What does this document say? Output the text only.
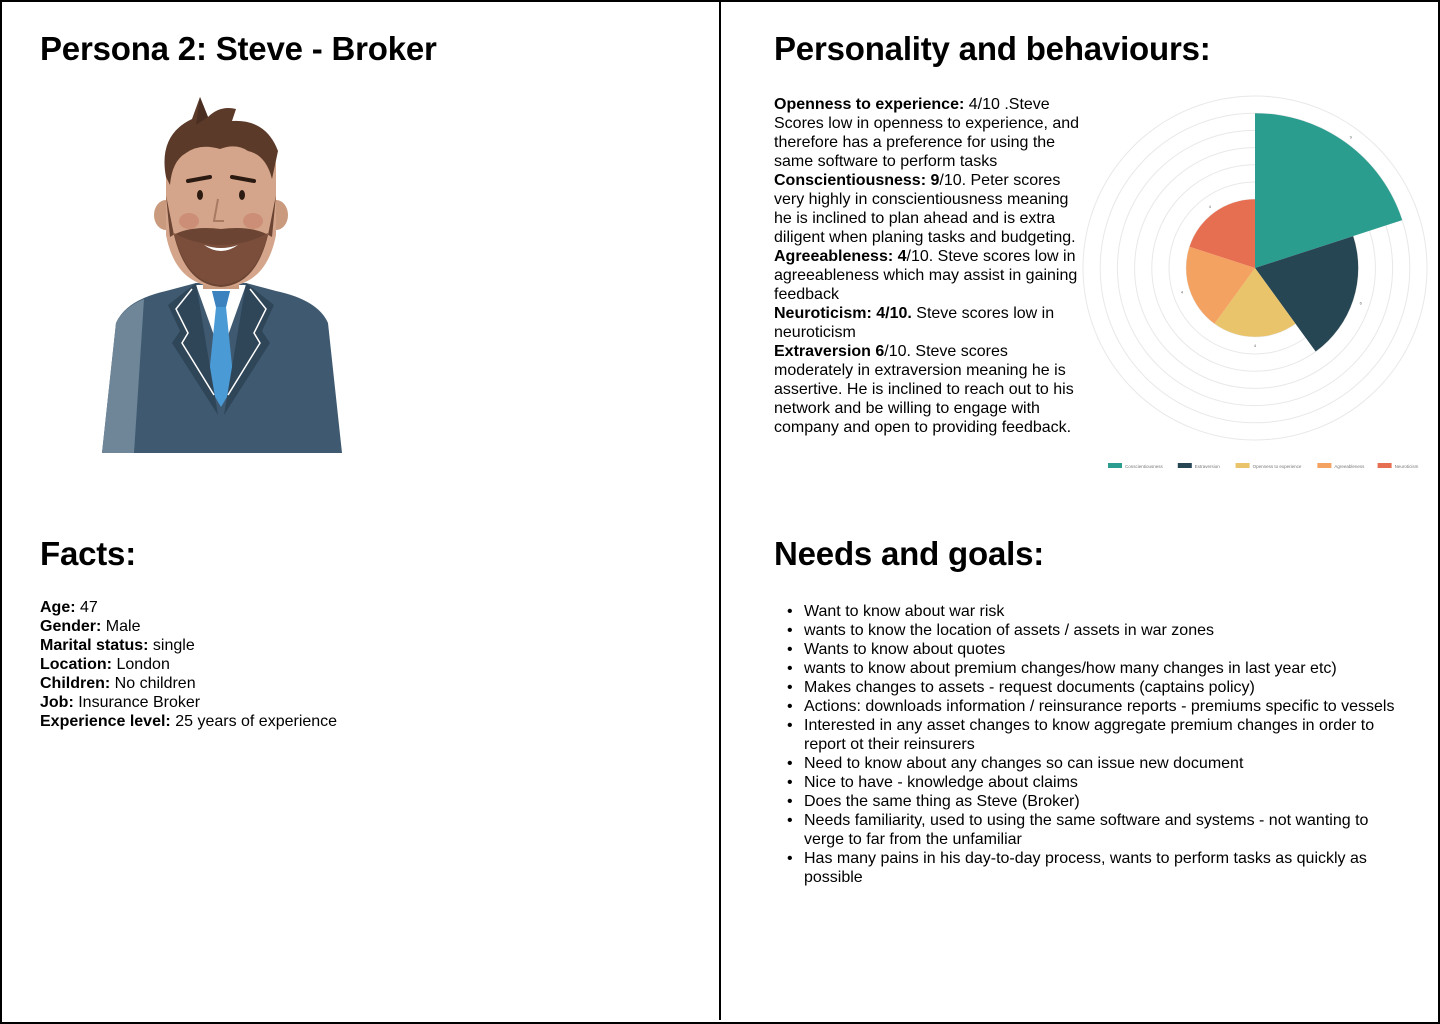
Persona 2: Steve - Broker
Facts:
Age: 47
Gender: Male
Marital status: single
Location: London
Children: No children
Job: Insurance Broker
Experience level: 25 years of experience
Personality and behaviours:
Openness to experience: 4/10 .Steve Scores low in openness to experience, and therefore has a preference for using the same software to perform tasks
Conscientiousness: 9/10. Peter scores very highly in conscientiousness meaning he is inclined to plan ahead and is extra diligent when planing tasks and budgeting.
Agreeableness: 4/10. Steve scores low in agreeableness which may assist in gaining feedback
Neuroticism: 4/10. Steve scores low in neuroticism
Extraversion 6/10. Steve scores moderately in extraversion meaning he is assertive. He is inclined to reach out to his network and be willing to engage with company and open to providing feedback.
9
6
4
4
4
Conscientiousness	Extraversion	Openness to experience	Agreeableness	Neuroticism
Needs and goals:
• Want to know about war risk
• wants to know the location of assets / assets in war zones
• Wants to know about quotes
• wants to know about premium changes/how many changes in last year etc)
• Makes changes to assets - request documents (captains policy)
• Actions: downloads information / reinsurance reports - premiums specific to vessels
• Interested in any asset changes to know aggregate premium changes in order to report ot their reinsurers
• Need to know about any changes so can issue new document
• Nice to have - knowledge about claims
• Does the same thing as Steve (Broker)
• Needs familiarity, used to using the same software and systems - not wanting to verge to far from the unfamiliar
• Has many pains in his day-to-day process, wants to perform tasks as quickly as possible
